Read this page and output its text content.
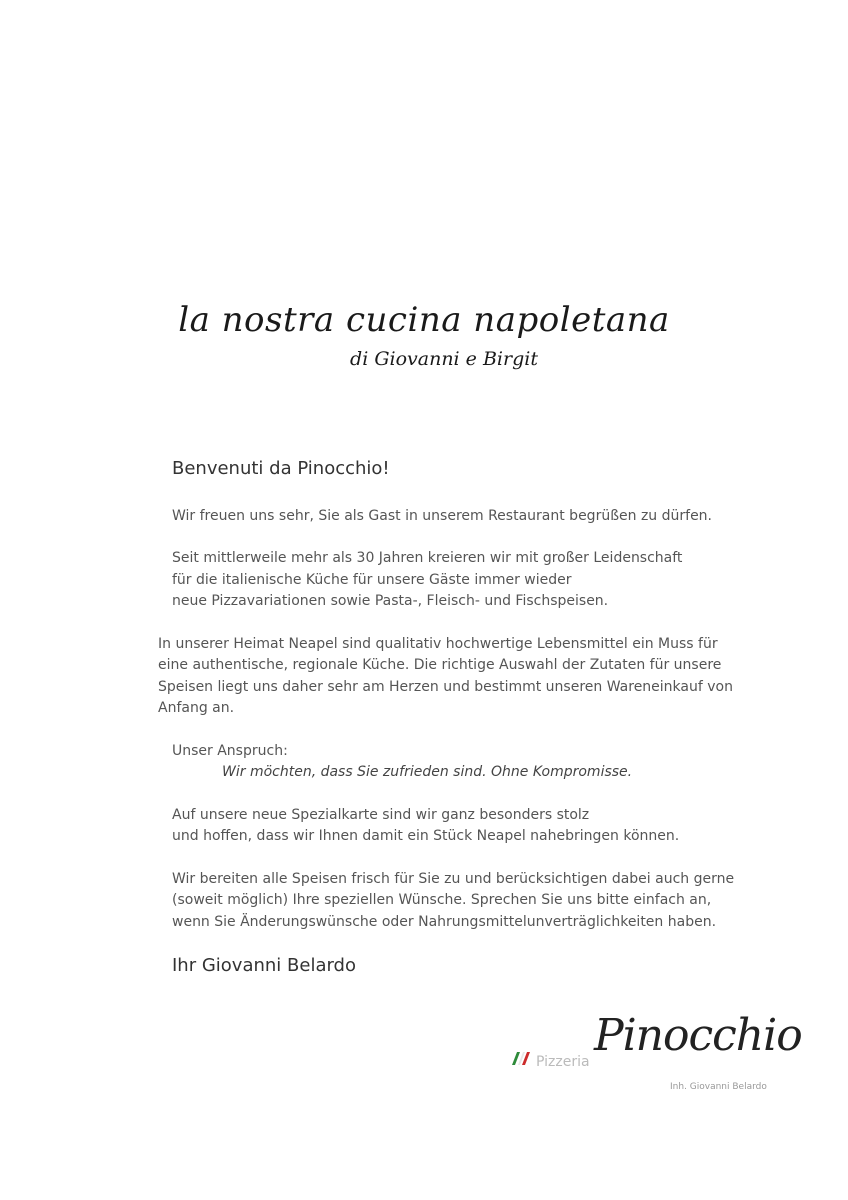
la nostra cucina napoletana
di Giovanni e Birgit
Benvenuti da Pinocchio!
Wir freuen uns sehr, Sie als Gast in unserem Restaurant begrüßen zu dürfen.
Seit mittlerweile mehr als 30 Jahren kreieren wir mit großer Leidenschaft
für die italienische Küche für unsere Gäste immer wieder
neue Pizzavariationen sowie Pasta-, Fleisch- und Fischspeisen.
In unserer Heimat Neapel sind qualitativ hochwertige Lebensmittel ein Muss für
eine authentische, regionale Küche. Die richtige Auswahl der Zutaten für unsere
Speisen liegt uns daher sehr am Herzen und bestimmt unseren Wareneinkauf von
Anfang an.
Unser Anspruch:
Wir möchten, dass Sie zufrieden sind. Ohne Kompromisse.
Auf unsere neue Spezialkarte sind wir ganz besonders stolz
und hoffen, dass wir Ihnen damit ein Stück Neapel nahebringen können.
Wir bereiten alle Speisen frisch für Sie zu und berücksichtigen dabei auch gerne
(soweit möglich) Ihre speziellen Wünsche. Sprechen Sie uns bitte einfach an,
wenn Sie Änderungswünsche oder Nahrungsmittelunverträglichkeiten haben.
Ihr Giovanni Belardo
Pizzeria
Pinocchio
Inh. Giovanni Belardo
